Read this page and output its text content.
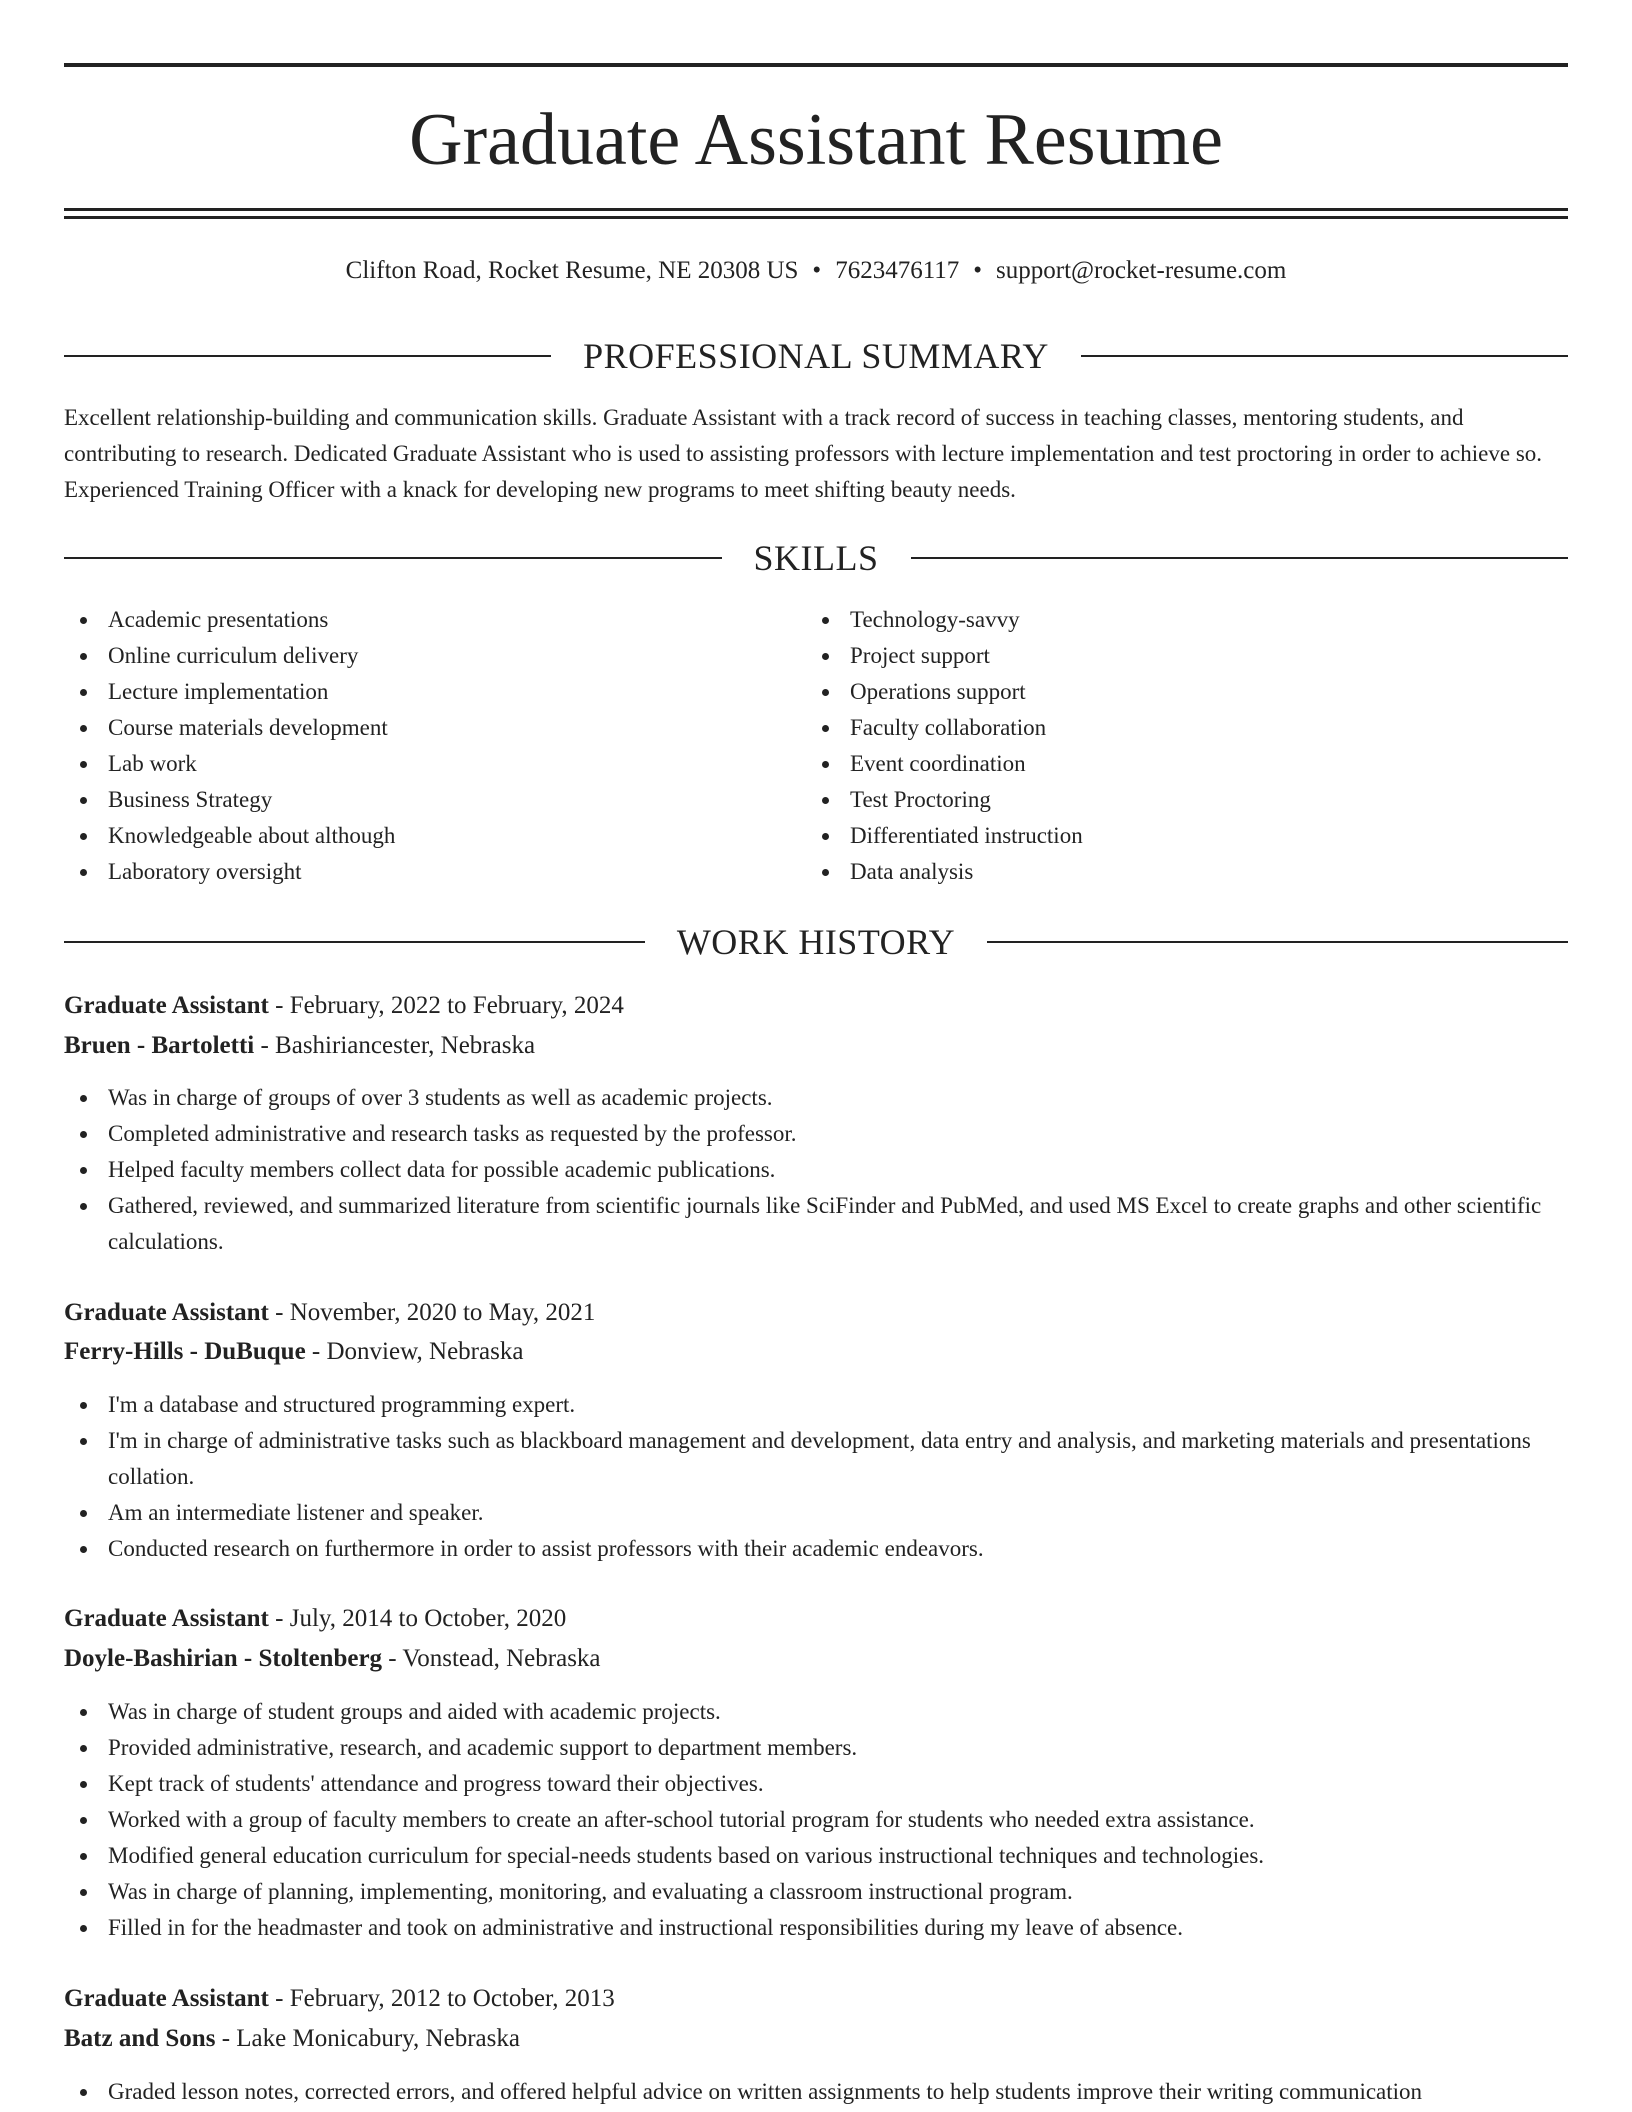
Graduate Assistant Resume
Clifton Road, Rocket Resume, NE 20308 US • 7623476117 • support@rocket-resume.com
PROFESSIONAL SUMMARY

Excellent relationship-building and communication skills. Graduate Assistant with a track record of success in teaching classes, mentoring students, and contributing to research. Dedicated Graduate Assistant who is used to assisting professors with lecture implementation and test proctoring in order to achieve so. Experienced Training Officer with a knack for developing new programs to meet shifting beauty needs.

SKILLS
Academic presentations
Online curriculum delivery
Lecture implementation
Course materials development
Lab work
Business Strategy
Knowledgeable about although
Laboratory oversight
Technology-savvy
Project support
Operations support
Faculty collaboration
Event coordination
Test Proctoring
Differentiated instruction
Data analysis
WORK HISTORY
Graduate Assistant - February, 2022 to February, 2024
Bruen - Bartoletti - Bashiriancester, Nebraska
Was in charge of groups of over 3 students as well as academic projects.
Completed administrative and research tasks as requested by the professor.
Helped faculty members collect data for possible academic publications.
Gathered, reviewed, and summarized literature from scientific journals like SciFinder and PubMed, and used MS Excel to create graphs and other scientific calculations.
Graduate Assistant - November, 2020 to May, 2021
Ferry-Hills - DuBuque - Donview, Nebraska
I'm a database and structured programming expert.
I'm in charge of administrative tasks such as blackboard management and development, data entry and analysis, and marketing materials and presentations collation.
Am an intermediate listener and speaker.
Conducted research on furthermore in order to assist professors with their academic endeavors.
Graduate Assistant - July, 2014 to October, 2020
Doyle-Bashirian - Stoltenberg - Vonstead, Nebraska
Was in charge of student groups and aided with academic projects.
Provided administrative, research, and academic support to department members.
Kept track of students' attendance and progress toward their objectives.
Worked with a group of faculty members to create an after-school tutorial program for students who needed extra assistance.
Modified general education curriculum for special-needs students based on various instructional techniques and technologies.
Was in charge of planning, implementing, monitoring, and evaluating a classroom instructional program.
Filled in for the headmaster and took on administrative and instructional responsibilities during my leave of absence.
Graduate Assistant - February, 2012 to October, 2013
Batz and Sons - Lake Monicabury, Nebraska
Graded lesson notes, corrected errors, and offered helpful advice on written assignments to help students improve their writing communication
